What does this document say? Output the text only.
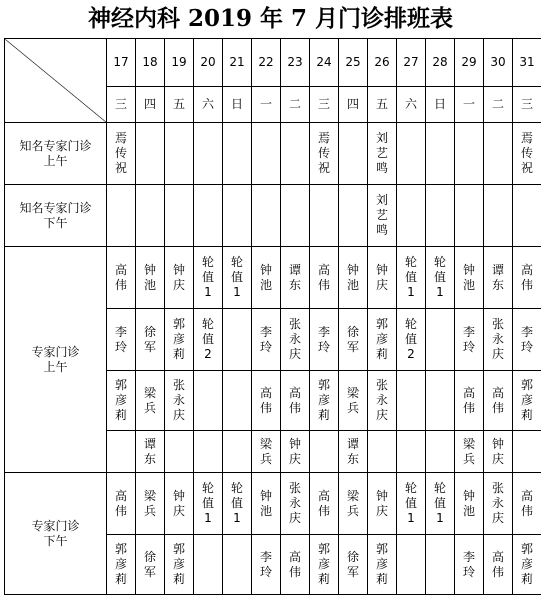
神经内科 2019 年 7 月门诊排班表
	17	18	19	20	21	22	23	24	25	26	27	28	29	30	31
	三	四	五	六	日	一	二	三	四	五	六	日	一	二	三

知名专家门诊
上午	焉传祝							焉传祝		刘艺鸣					焉传祝

知名专家门诊
下午										刘艺鸣					

专家门诊
上午	高伟	钟池	钟庆	轮值1	轮值1	钟池	谭东	高伟	钟池	钟庆	轮值1	轮值1	钟池	谭东	高伟

	李玲	徐军	郭彦莉	轮值2		李玲	张永庆	李玲	徐军	郭彦莉	轮值2		李玲	张永庆	李玲

	郭彦莉	梁兵	张永庆			高伟	高伟	郭彦莉	梁兵	张永庆			高伟	高伟	郭彦莉

		谭东				梁兵	钟庆		谭东				梁兵	钟庆	

专家门诊
下午	高伟	梁兵	钟庆	轮值1	轮值1	钟池	张永庆	高伟	梁兵	钟庆	轮值1	轮值1	钟池	张永庆	高伟

	郭彦莉	徐军	郭彦莉			李玲	高伟	郭彦莉	徐军	郭彦莉			李玲	高伟	郭彦莉
